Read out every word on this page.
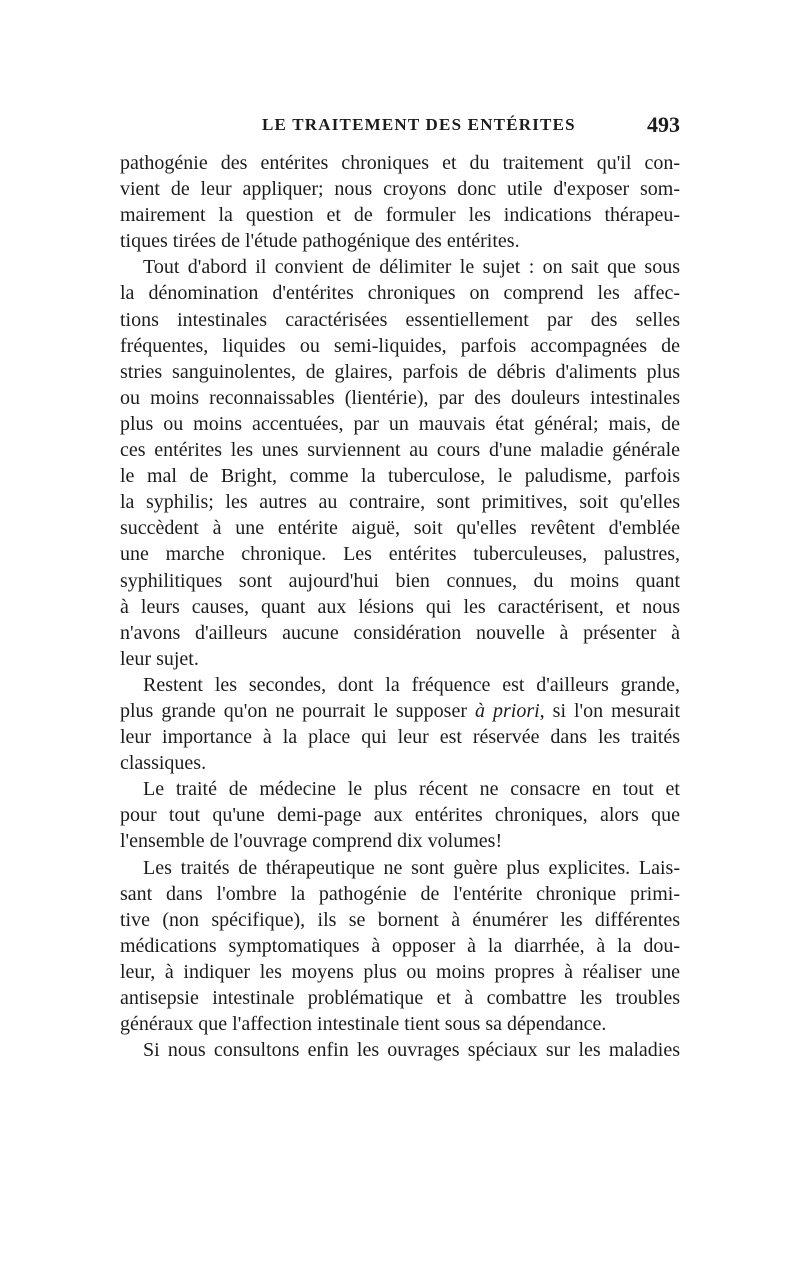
LE TRAITEMENT DES ENTÉRITES	493
pathogénie des entérites chroniques et du traitement qu'il con-
vient de leur appliquer; nous croyons donc utile d'exposer som-
mairement la question et de formuler les indications thérapeu-
tiques tirées de l'étude pathogénique des entérites.
Tout d'abord il convient de délimiter le sujet : on sait que sous
la dénomination d'entérites chroniques on comprend les affec-
tions intestinales caractérisées essentiellement par des selles
fréquentes, liquides ou semi-liquides, parfois accompagnées de
stries sanguinolentes, de glaires, parfois de débris d'aliments plus
ou moins reconnaissables (lientérie), par des douleurs intestinales
plus ou moins accentuées, par un mauvais état général; mais, de
ces entérites les unes surviennent au cours d'une maladie générale
le mal de Bright, comme la tuberculose, le paludisme, parfois
la syphilis; les autres au contraire, sont primitives, soit qu'elles
succèdent à une entérite aiguë, soit qu'elles revêtent d'emblée
une marche chronique. Les entérites tuberculeuses, palustres,
syphilitiques sont aujourd'hui bien connues, du moins quant
à leurs causes, quant aux lésions qui les caractérisent, et nous
n'avons d'ailleurs aucune considération nouvelle à présenter à
leur sujet.
Restent les secondes, dont la fréquence est d'ailleurs grande,
plus grande qu'on ne pourrait le supposer à priori, si l'on mesurait
leur importance à la place qui leur est réservée dans les traités
classiques.
Le traité de médecine le plus récent ne consacre en tout et
pour tout qu'une demi-page aux entérites chroniques, alors que
l'ensemble de l'ouvrage comprend dix volumes!
Les traités de thérapeutique ne sont guère plus explicites. Lais-
sant dans l'ombre la pathogénie de l'entérite chronique primi-
tive (non spécifique), ils se bornent à énumérer les différentes
médications symptomatiques à opposer à la diarrhée, à la dou-
leur, à indiquer les moyens plus ou moins propres à réaliser une
antisepsie intestinale problématique et à combattre les troubles
généraux que l'affection intestinale tient sous sa dépendance.
Si nous consultons enfin les ouvrages spéciaux sur les maladies
